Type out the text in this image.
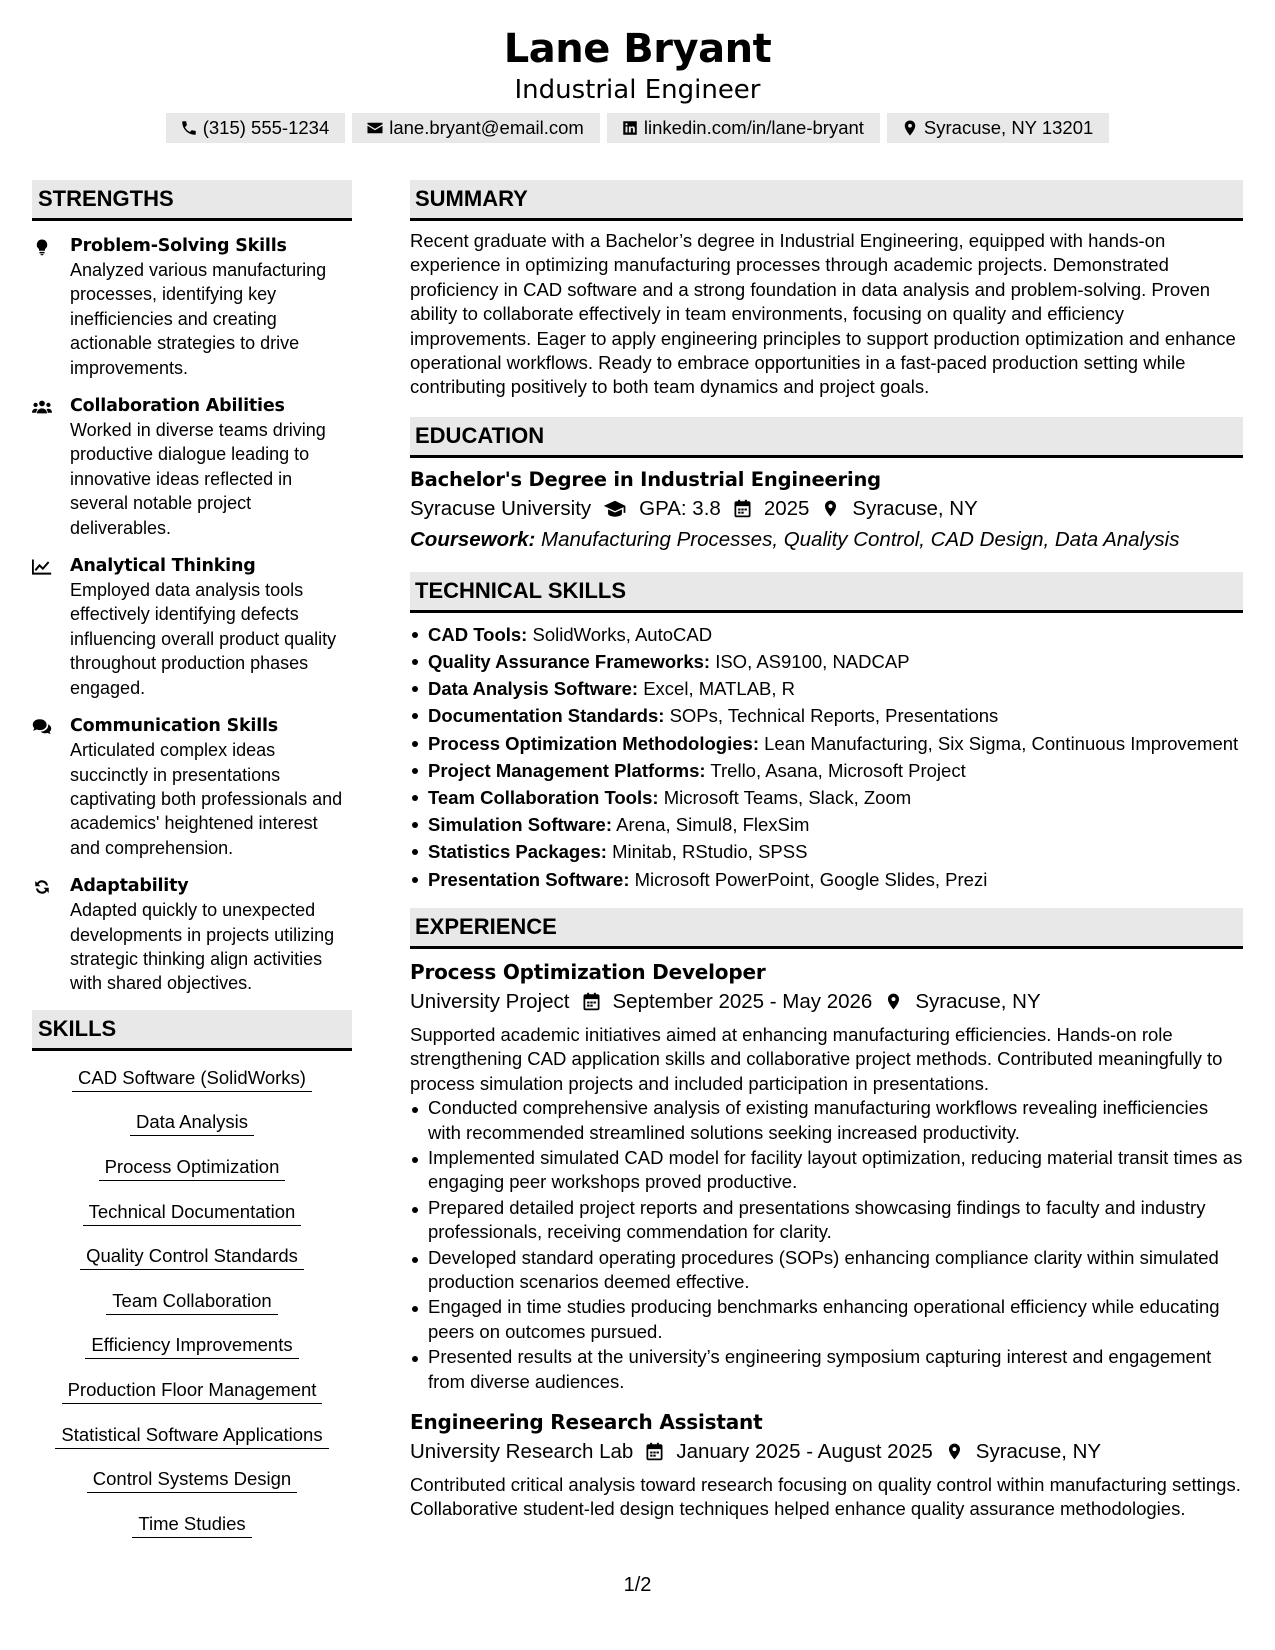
Lane Bryant
Industrial Engineer
(315) 555-1234	lane.bryant@email.com	linkedin.com/in/lane-bryant	Syracuse, NY 13201
STRENGTHS
Problem-Solving Skills
Analyzed various manufacturing processes, identifying key inefficiencies and creating actionable strategies to drive improvements.
Collaboration Abilities
Worked in diverse teams driving productive dialogue leading to innovative ideas reflected in several notable project deliverables.
Analytical Thinking
Employed data analysis tools effectively identifying defects influencing overall product quality throughout production phases engaged.
Communication Skills
Articulated complex ideas succinctly in presentations captivating both professionals and academics' heightened interest and comprehension.
Adaptability
Adapted quickly to unexpected developments in projects utilizing strategic thinking align activities with shared objectives.
SKILLS
CAD Software (SolidWorks)
Data Analysis
Process Optimization
Technical Documentation
Quality Control Standards
Team Collaboration
Efficiency Improvements
Production Floor Management
Statistical Software Applications
Control Systems Design
Time Studies
SUMMARY
Recent graduate with a Bachelor’s degree in Industrial Engineering, equipped with hands-on experience in optimizing manufacturing processes through academic projects. Demonstrated proficiency in CAD software and a strong foundation in data analysis and problem-solving. Proven ability to collaborate effectively in team environments, focusing on quality and efficiency improvements. Eager to apply engineering principles to support production optimization and enhance operational workflows. Ready to embrace opportunities in a fast-paced production setting while contributing positively to both team dynamics and project goals.
EDUCATION
Bachelor's Degree in Industrial Engineering
Syracuse University GPA: 3.8 2025 Syracuse, NY
Coursework: Manufacturing Processes, Quality Control, CAD Design, Data Analysis
TECHNICAL SKILLS
CAD Tools: SolidWorks, AutoCAD
Quality Assurance Frameworks: ISO, AS9100, NADCAP
Data Analysis Software: Excel, MATLAB, R
Documentation Standards: SOPs, Technical Reports, Presentations
Process Optimization Methodologies: Lean Manufacturing, Six Sigma, Continuous Improvement
Project Management Platforms: Trello, Asana, Microsoft Project
Team Collaboration Tools: Microsoft Teams, Slack, Zoom
Simulation Software: Arena, Simul8, FlexSim
Statistics Packages: Minitab, RStudio, SPSS
Presentation Software: Microsoft PowerPoint, Google Slides, Prezi
EXPERIENCE
Process Optimization Developer
University Project September 2025 - May 2026 Syracuse, NY
Supported academic initiatives aimed at enhancing manufacturing efficiencies. Hands-on role strengthening CAD application skills and collaborative project methods. Contributed meaningfully to process simulation projects and included participation in presentations.
Conducted comprehensive analysis of existing manufacturing workflows revealing inefficiencies with recommended streamlined solutions seeking increased productivity.
Implemented simulated CAD model for facility layout optimization, reducing material transit times as engaging peer workshops proved productive.
Prepared detailed project reports and presentations showcasing findings to faculty and industry professionals, receiving commendation for clarity.
Developed standard operating procedures (SOPs) enhancing compliance clarity within simulated production scenarios deemed effective.
Engaged in time studies producing benchmarks enhancing operational efficiency while educating peers on outcomes pursued.
Presented results at the university’s engineering symposium capturing interest and engagement from diverse audiences.
Engineering Research Assistant
University Research Lab January 2025 - August 2025 Syracuse, NY
Contributed critical analysis toward research focusing on quality control within manufacturing settings. Collaborative student-led design techniques helped enhance quality assurance methodologies.
1/2
